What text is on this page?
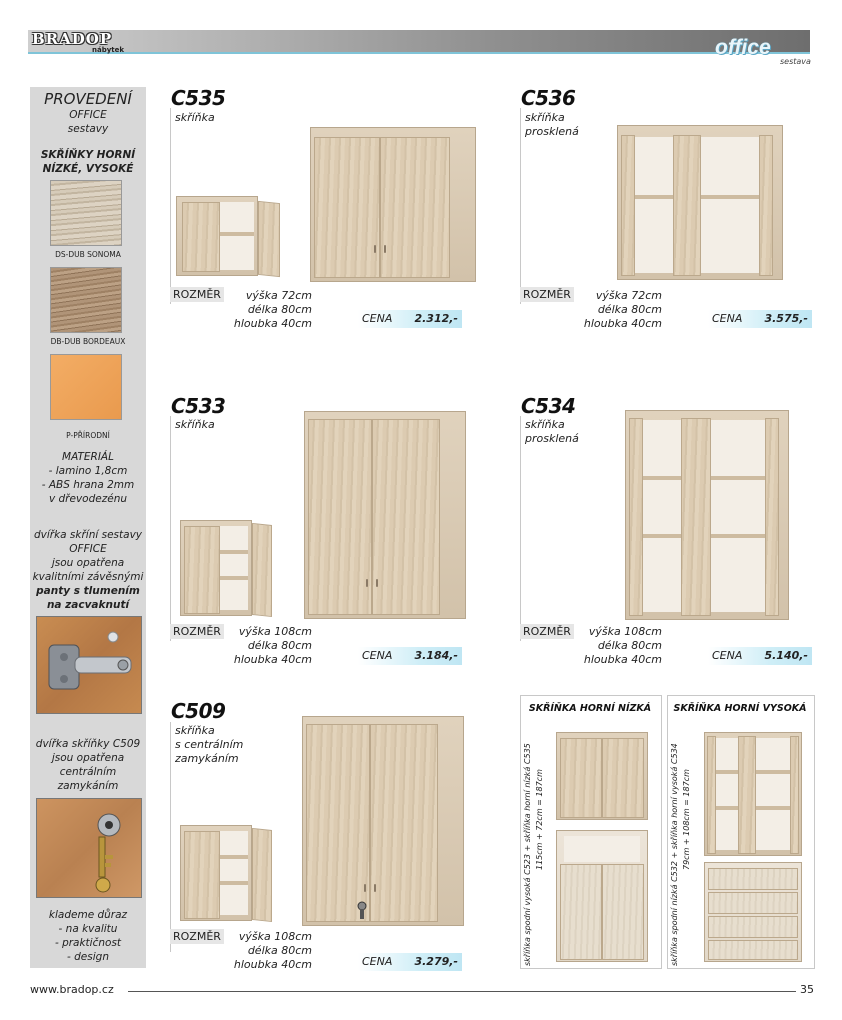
BRADOP
nábytek	office
sestava
PROVEDENÍ
OFFICE
sestavy
SKŘÍŇKY HORNÍ NÍZKÉ, VYSOKÉ
DS-DUB SONOMA
DB-DUB BORDEAUX
P-PŘÍRODNÍ
MATERIÁL
- lamino 1,8cm
- ABS hrana 2mm
v dřevodezénu
dvířka skříní sestavy
OFFICE
jsou opatřena
kvalitními závěsnými
panty s tlumením
na zacvaknutí
dvířka skříňky C509
jsou opatřena
centrálním
zamykáním
klademe důraz
- na kvalitu
- praktičnost
- design
C535
skříňka
ROZMĚR	výška 72cm
délka 80cm
hloubka 40cm	CENA 2.312,-
C536
skříňka
prosklená
ROZMĚR	výška 72cm
délka 80cm
hloubka 40cm	CENA 3.575,-
C533
skříňka
ROZMĚR	výška 108cm
délka 80cm
hloubka 40cm	CENA 3.184,-
C534
skříňka
prosklená
ROZMĚR	výška 108cm
délka 80cm
hloubka 40cm	CENA 5.140,-
C509
skříňka
s centrálním
zamykáním
ROZMĚR	výška 108cm
délka 80cm
hloubka 40cm	CENA 3.279,-
SKŘÍŇKA HORNÍ NÍZKÁ
skříňka spodní vysoká C523 + skříňka horní nízká C535 115cm + 72cm = 187cm
SKŘÍŇKA HORNÍ VYSOKÁ
skříňka spodní nízká C532 + skříňka horní vysoká C534 79cm + 108cm = 187cm
www.bradop.cz	35
